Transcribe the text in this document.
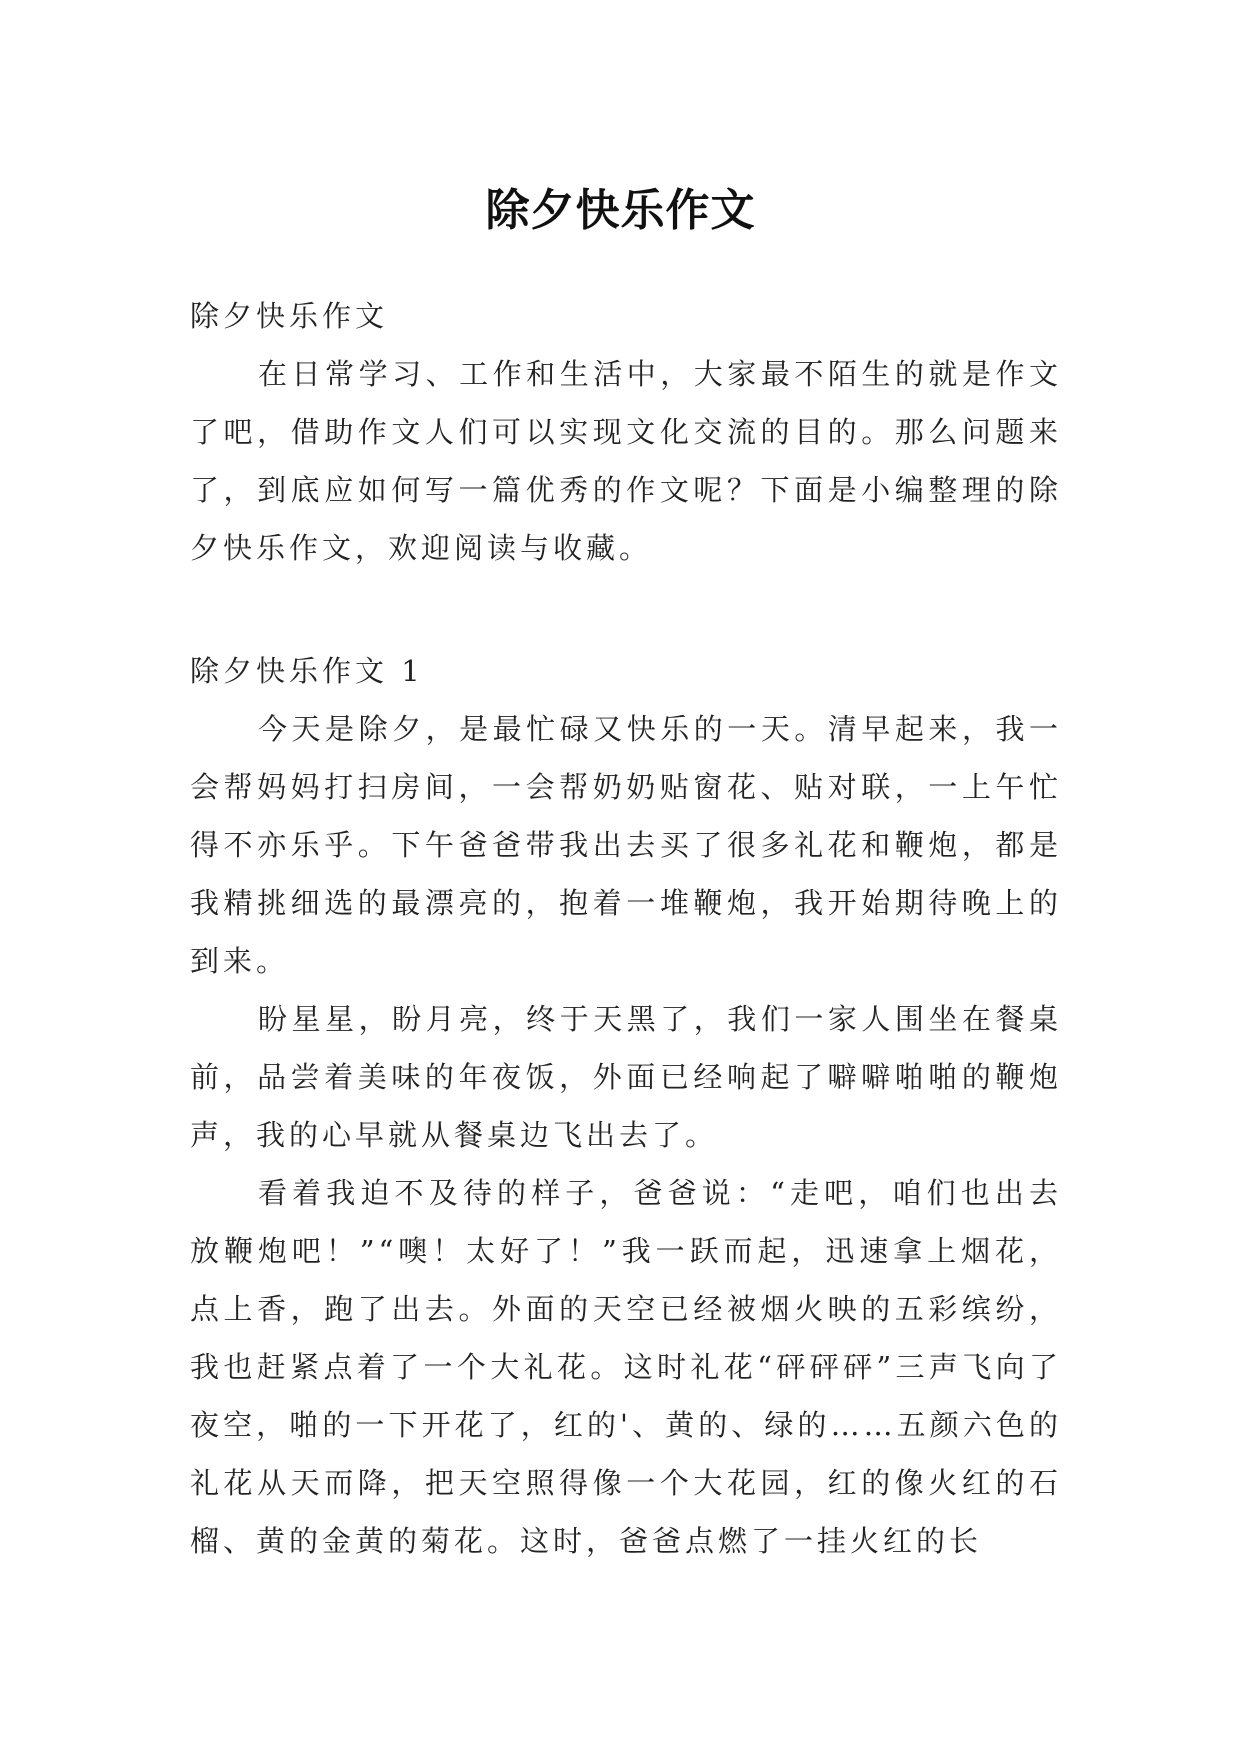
除夕快乐作文

除夕快乐作文

在日常学习、工作和生活中，大家最不陌生的就是作文了吧，借助作文人们可以实现文化交流的目的。那么问题来了，到底应如何写一篇优秀的作文呢？下面是小编整理的除夕快乐作文，欢迎阅读与收藏。

除夕快乐作文 1

今天是除夕，是最忙碌又快乐的一天。清早起来，我一会帮妈妈打扫房间，一会帮奶奶贴窗花、贴对联，一上午忙得不亦乐乎。下午爸爸带我出去买了很多礼花和鞭炮，都是我精挑细选的最漂亮的，抱着一堆鞭炮，我开始期待晚上的到来。

盼星星，盼月亮，终于天黑了，我们一家人围坐在餐桌前，品尝着美味的年夜饭，外面已经响起了噼噼啪啪的鞭炮声，我的心早就从餐桌边飞出去了。

看着我迫不及待的样子，爸爸说：“走吧，咱们也出去放鞭炮吧！”“噢！太好了！”我一跃而起，迅速拿上烟花，点上香，跑了出去。外面的天空已经被烟火映的五彩缤纷，我也赶紧点着了一个大礼花。这时礼花“砰砰砰”三声飞向了夜空，啪的一下开花了，红的'、黄的、绿的……五颜六色的礼花从天而降，把天空照得像一个大花园，红的像火红的石榴、黄的金黄的菊花。这时，爸爸点燃了一挂火红的长
